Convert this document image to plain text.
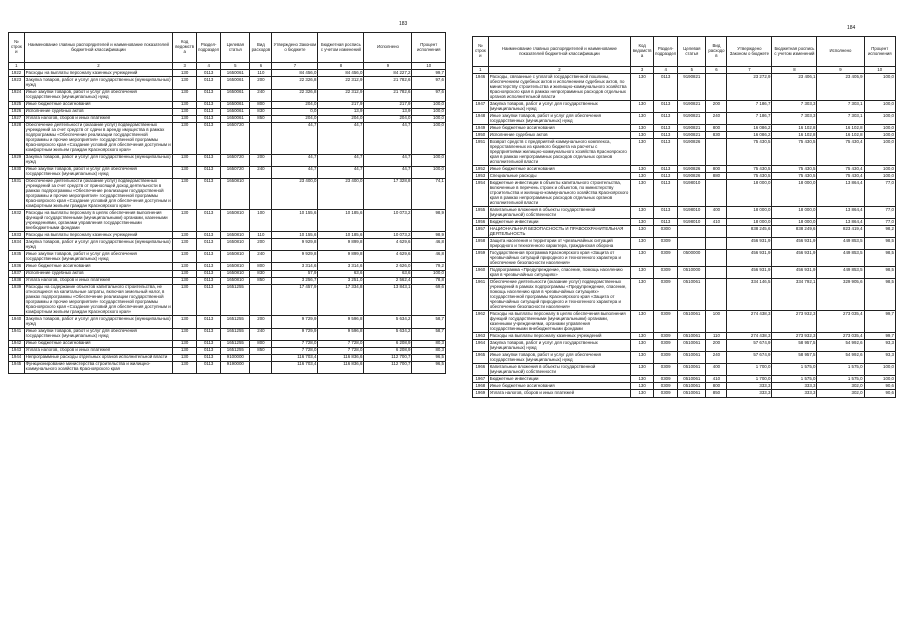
183
№ строки	Наименование главных распорядителей и наименование показателей бюджетной классификации	Код ведомства	Раздел-подраздел	Целевая статья	Вид расходов	Утверждено Законом о бюджете	Бюджетная роспись с учетом изменений	Исполнено	Процент исполнения
1	2	3	4	5	6	7	8	9	10
1922	Расходы на выплаты персоналу казенных учреждений	130	0113	1650061	110	84 456,0	84 456,0	84 227,2	99,7
1923	Закупка товаров, работ и услуг для государственных (муниципальных) нужд	130	0113	1650061	200	22 326,8	22 312,9	21 782,6	97,6
1924	Иные закупки товаров, работ и услуг для обеспечения государственных (муниципальных) нужд	130	0113	1650061	240	22 326,8	22 312,9	21 782,6	97,6
1925	Иные бюджетные ассигнования	130	0113	1650061	800	204,0	217,9	217,9	100,0
1926	Исполнение судебных актов	130	0113	1650061	830	0,0	13,9	13,9	100,0
1927	Уплата налогов, сборов и иных платежей	130	0113	1650061	850	204,0	204,0	204,0	100,0
1928	Обеспечение деятельности (оказание услуг) подведомственных учреждений за счет средств от сдачи в аренду имущества в рамках подпрограммы «Обеспечение реализации государственной программы и прочие мероприятия» государственной программы Красноярского края «Создание условий для обеспечения доступным и комфортным жильем граждан Красноярского края»	130	0113	1650720		44,7	44,7	44,7	100,0
1929	Закупка товаров, работ и услуг для государственных (муниципальных) нужд	130	0113	1650720	200	44,7	44,7	44,7	100,0
1930	Иные закупки товаров, работ и услуг для обеспечения государственных (муниципальных) нужд	130	0113	1650720	240	44,7	44,7	44,7	100,0
1931	Обеспечение деятельности (оказание услуг) подведомственных учреждений за счет средств от приносящей доход деятельности в рамках подпрограммы «Обеспечение реализации государственной программы и прочие мероприятия» государственной программы Красноярского края «Создание условий для обеспечения доступным и комфортным жильем граждан Красноярского края»	130	0113	1650810		23 400,0	23 400,0	17 328,8	74,1
1932	Расходы на выплаты персоналу в целях обеспечения выполнения функций государственными (муниципальными) органами, казенными учреждениями, органами управления государственными внебюджетными фондами	130	0113	1650810	100	10 155,6	10 185,6	10 073,2	98,9
1933	Расходы на выплаты персоналу казенных учреждений	130	0113	1650810	110	10 155,6	10 185,6	10 073,2	98,9
1934	Закупка товаров, работ и услуг для государственных (муниципальных) нужд	130	0113	1650810	200	9 929,8	9 899,8	4 629,6	46,8
1935	Иные закупки товаров, работ и услуг для обеспечения государственных (муниципальных) нужд	130	0113	1650810	240	9 929,8	9 899,8	4 629,6	46,8
1936	Иные бюджетные ассигнования	130	0113	1650810	800	3 314,6	3 314,6	2 626,0	79,2
1937	Исполнение судебных актов	130	0113	1650810	830	57,9	63,6	63,6	100,0
1938	Уплата налогов, сборов и иных платежей	130	0113	1650810	850	3 256,7	3 251,0	2 562,4	78,8
1939	Расходы на содержание объектов капитального строительства, не относящиеся на капитальные затраты, включая земельный налог, в рамках подпрограммы «Обеспечение реализации государственной программы и прочие мероприятия» государственной программы Красноярского края «Создание условий для обеспечения доступным и комфортным жильем граждан Красноярского края»	130	0113	1651255		17 457,9	17 334,8	13 843,1	69,6
1940	Закупка товаров, работ и услуг для государственных (муниципальных) нужд	130	0113	1651255	200	9 729,9	9 596,8	5 634,2	58,7
1941	Иные закупки товаров, работ и услуг для обеспечения государственных (муниципальных) нужд	130	0113	1651255	240	9 729,9	9 596,8	5 634,2	58,7
1942	Иные бюджетные ассигнования	130	0113	1651255	800	7 728,0	7 728,0	6 208,9	80,3
1943	Уплата налогов, сборов и иных платежей	130	0113	1651255	850	7 728,0	7 728,0	6 208,9	80,3
1944	Непрограммные расходы отдельных органов исполнительной власти	130	0113	9100000		116 703,4	116 836,6	112 700,7	96,5
1945	Функционирование министерства строительства и жилищно-коммунального хозяйства Красноярского края	130	0113	9190000		116 703,4	116 836,6	112 700,7	96,5
184
№ строки	Наименование главных распорядителей и наименование показателей бюджетной классификации	Код ведомства	Раздел-подраздел	Целевая статья	Вид расходов	Утверждено Законом о бюджете	Бюджетная роспись с учетом изменений	Исполнено	Процент исполнения
1	2	3	4	5	6	7	8	9	10
1946	Расходы, связанные с уплатой государственной пошлины, обеспечением судебных актов и исполнением судебных актов, по министерству строительства и жилищно-коммунального хозяйства Красноярского края в рамках непрограммных расходов отдельных органов исполнительной власти	130	0113	9190821		23 272,9	23 406,1	23 405,9	100,0
1947	Закупка товаров, работ и услуг для государственных (муниципальных) нужд	130	0113	9190821	200	7 186,7	7 303,3	7 303,1	100,0
1948	Иные закупки товаров, работ и услуг для обеспечения государственных (муниципальных) нужд	130	0113	9190821	240	7 186,7	7 303,3	7 303,1	100,0
1949	Иные бюджетные ассигнования	130	0113	9190821	800	16 086,2	16 102,8	16 102,8	100,0
1950	Исполнение судебных актов	130	0113	9190821	830	16 086,2	16 102,8	16 102,8	100,0
1951	Возврат средств с предприятий коммунального комплекса, предоставленных из краевого бюджета на расчеты с предприятиями жилищно-коммунального хозяйства Красноярского края в рамках непрограммных расходов отдельных органов исполнительной власти	130	0113	9190826		75 430,5	75 430,5	75 430,4	100,0
1952	Иные бюджетные ассигнования	130	0113	9190826	800	75 430,5	75 430,5	75 430,4	100,0
1953	Специальные расходы	130	0113	9190826	880	75 430,5	75 430,5	75 430,4	100,0
1954	Бюджетные инвестиции в объекты капитального строительства, включенные в перечень строек и объектов, по министерству строительства и жилищно-коммунального хозяйства Красноярского края в рамках непрограммных расходов отдельных органов исполнительной власти	130	0113	9198010		18 000,0	18 000,0	13 864,4	77,0
1955	Капитальные вложения в объекты государственной (муниципальной) собственности	130	0113	9198010	400	18 000,0	18 000,0	13 864,4	77,0
1956	Бюджетные инвестиции	130	0113	9198010	410	18 000,0	18 000,0	13 864,4	77,0
1957	НАЦИОНАЛЬНАЯ БЕЗОПАСНОСТЬ И ПРАВООХРАНИТЕЛЬНАЯ ДЕЯТЕЛЬНОСТЬ	130	0300			838 245,6	838 249,6	823 419,4	98,2
1958	Защита населения и территории от чрезвычайных ситуаций природного и техногенного характера, гражданская оборона	130	0309			456 931,9	456 931,9	449 853,5	98,5
1959	Государственная программа Красноярского края «Защита от чрезвычайных ситуаций природного и техногенного характера и обеспечение безопасности населения»	130	0309	0500000		456 931,9	456 931,9	449 853,5	98,5
1960	Подпрограмма «Предупреждение, спасение, помощь населению края в чрезвычайных ситуациях»	130	0309	0510000		456 931,9	456 931,9	449 853,5	98,5
1961	Обеспечение деятельности (оказание услуг) подведомственных учреждений в рамках подпрограммы «Предупреждение, спасение, помощь населению края в чрезвычайных ситуациях» государственной программы Красноярского края «Защита от чрезвычайных ситуаций природного и техногенного характера и обеспечение безопасности населения»	130	0309	0510061		334 146,5	334 792,1	329 905,6	98,5
1962	Расходы на выплаты персоналу в целях обеспечения выполнения функций государственными (муниципальными) органами, казенными учреждениями, органами управления государственными внебюджетными фондами	130	0309	0510061	100	274 438,3	273 932,3	273 035,4	99,7
1963	Расходы на выплаты персоналу казенных учреждений	130	0309	0510061	110	274 438,3	273 932,3	273 035,4	99,7
1964	Закупка товаров, работ и услуг для государственных (муниципальных) нужд	130	0309	0510061	200	57 674,9	58 957,5	54 992,6	93,3
1965	Иные закупки товаров, работ и услуг для обеспечения государственных (муниципальных) нужд	130	0309	0510061	240	57 674,9	58 957,5	54 992,6	93,3
1966	Капитальные вложения в объекты государственной (муниципальной) собственности	130	0309	0510061	400	1 700,0	1 575,0	1 575,0	100,0
1967	Бюджетные инвестиции	130	0309	0510061	410	1 700,0	1 575,0	1 575,0	100,0
1968	Иные бюджетные ассигнования	130	0309	0510061	800	333,3	333,3	302,0	90,6
1969	Уплата налогов, сборов и иных платежей	130	0309	0510061	850	333,3	333,3	302,0	90,6
